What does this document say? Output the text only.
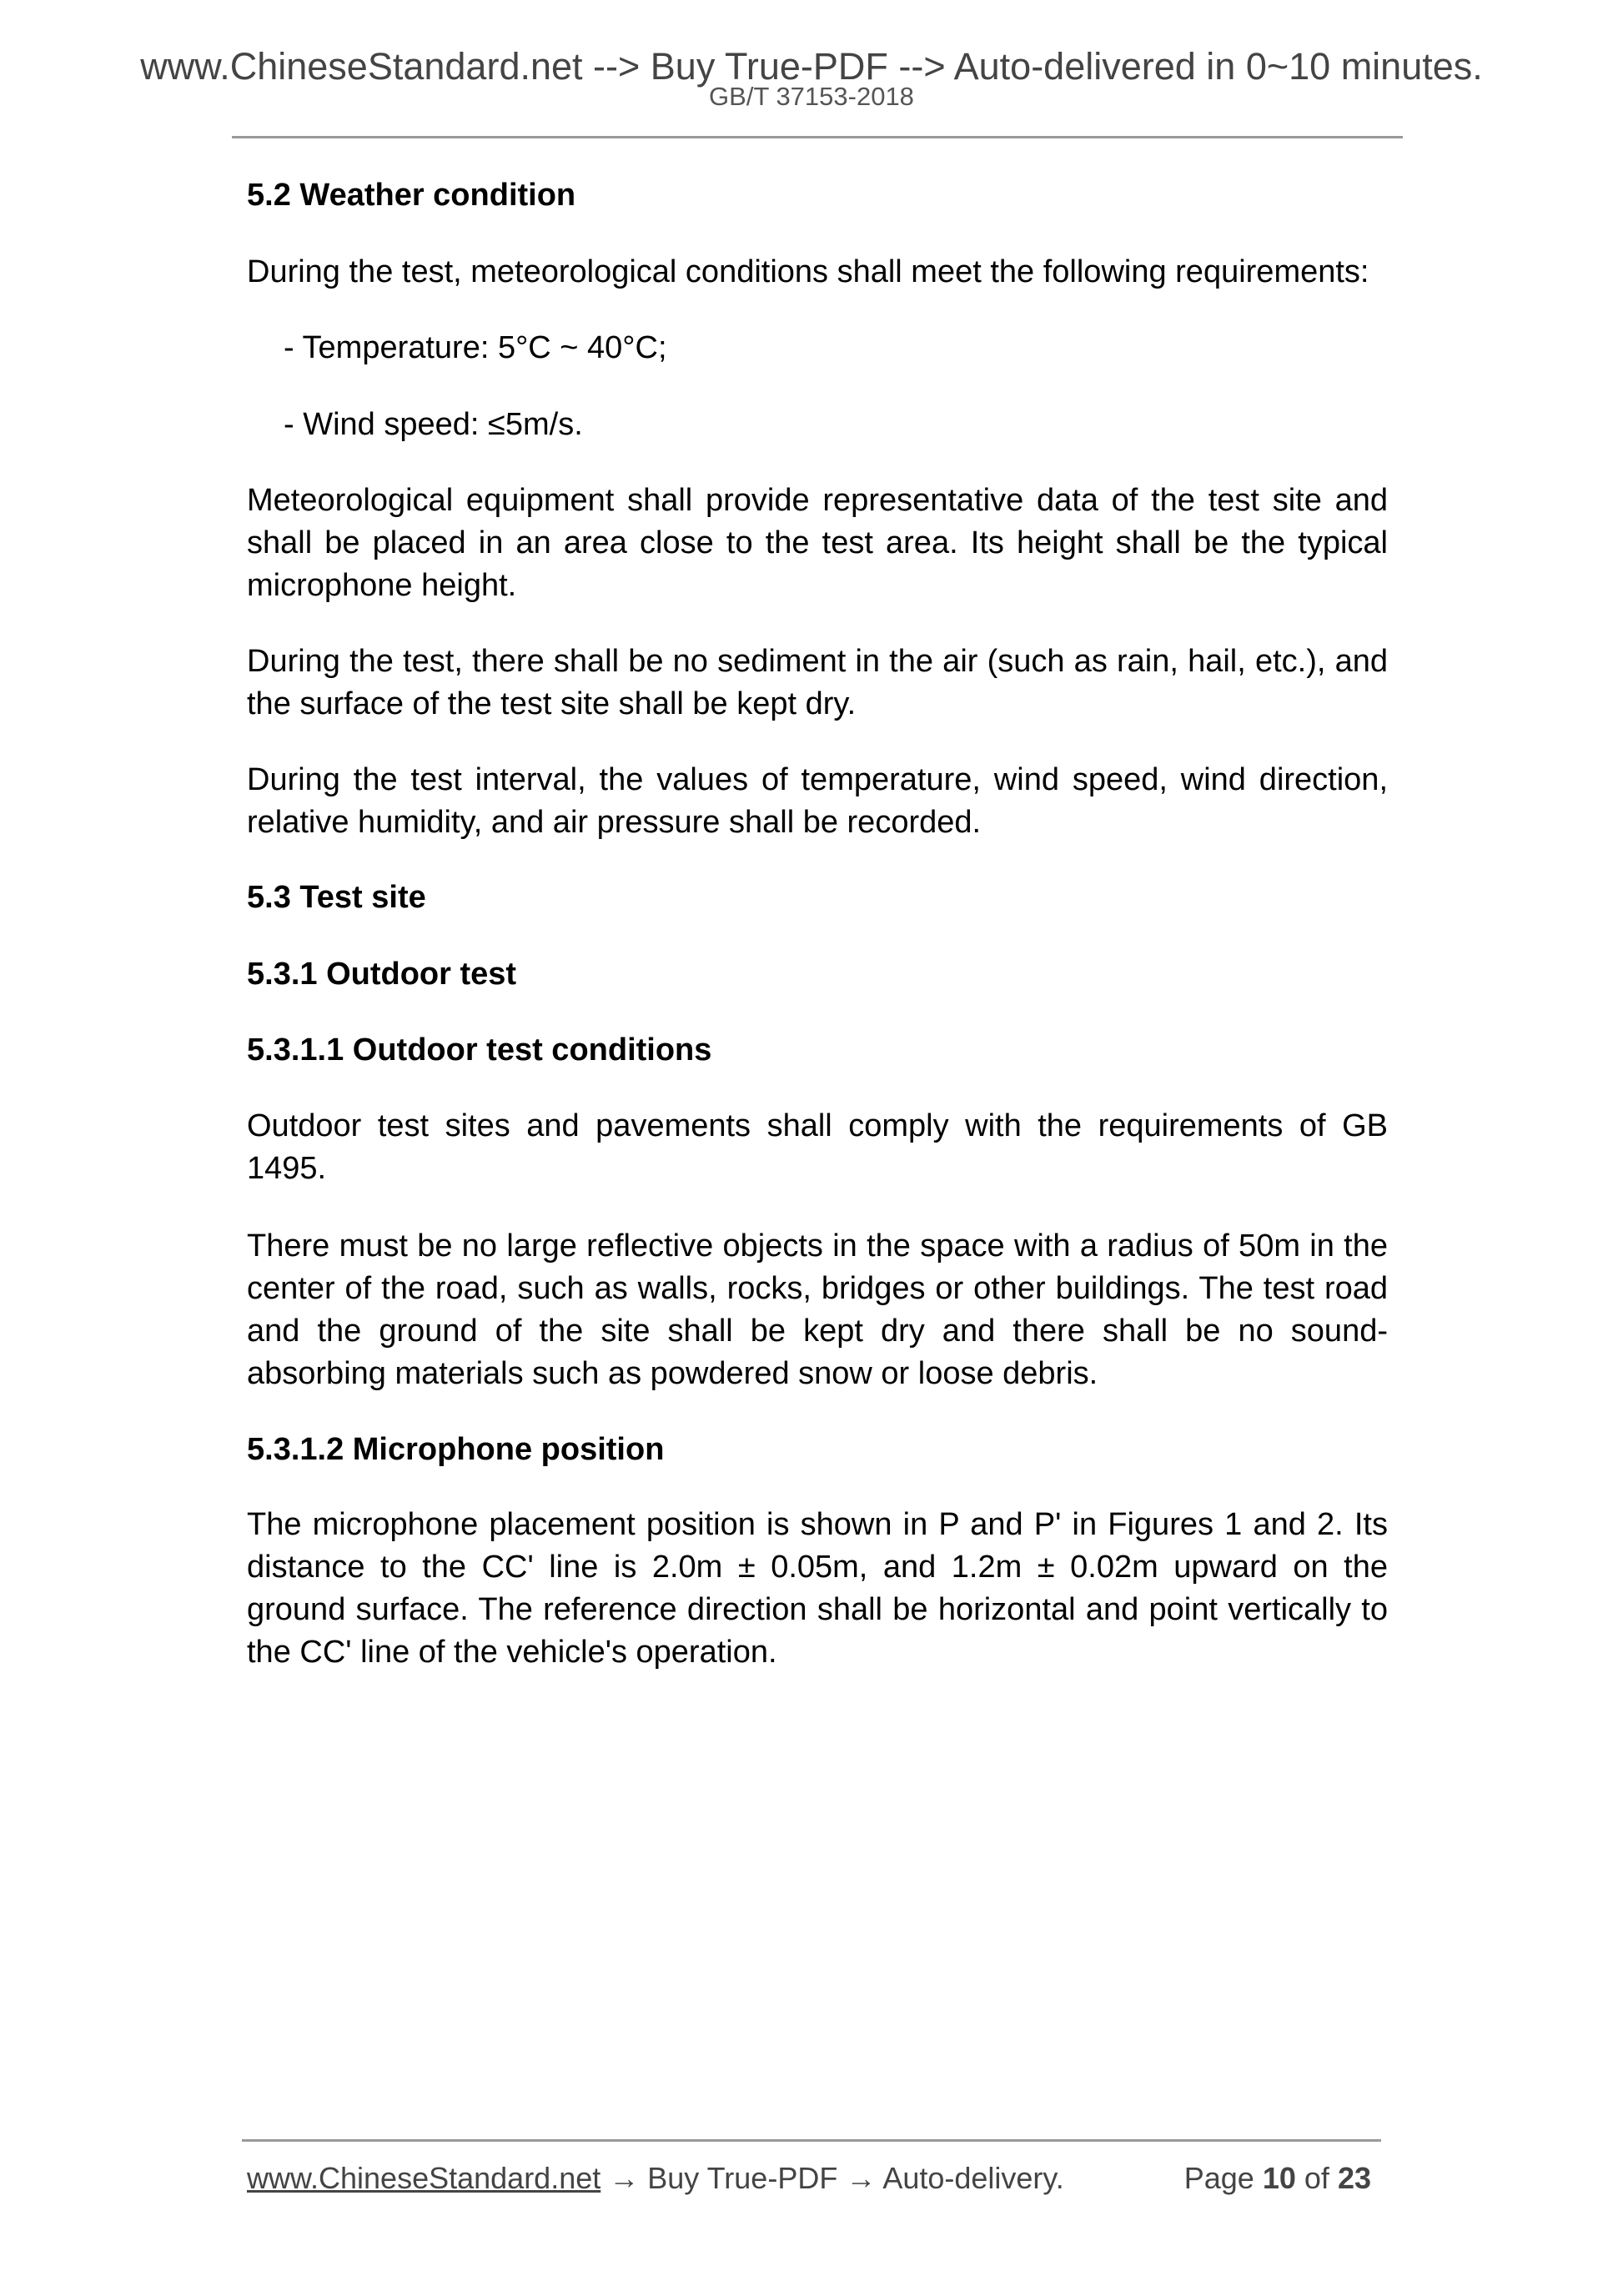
www.ChineseStandard.net --> Buy True-PDF --> Auto-delivered in 0~10 minutes.
GB/T 37153-2018
5.2 Weather condition
During the test, meteorological conditions shall meet the following requirements:
- Temperature: 5°C ~ 40°C;
- Wind speed: ≤5m/s.
Meteorological equipment shall provide representative data of the test site and shall be placed in an area close to the test area. Its height shall be the typical microphone height.
During the test, there shall be no sediment in the air (such as rain, hail, etc.), and the surface of the test site shall be kept dry.
During the test interval, the values of temperature, wind speed, wind direction, relative humidity, and air pressure shall be recorded.
5.3 Test site
5.3.1 Outdoor test
5.3.1.1 Outdoor test conditions
Outdoor test sites and pavements shall comply with the requirements of GB 1495.
There must be no large reflective objects in the space with a radius of 50m in the center of the road, such as walls, rocks, bridges or other buildings. The test road and the ground of the site shall be kept dry and there shall be no sound-absorbing materials such as powdered snow or loose debris.
5.3.1.2 Microphone position
The microphone placement position is shown in P and P' in Figures 1 and 2. Its distance to the CC' line is 2.0m ± 0.05m, and 1.2m ± 0.02m upward on the ground surface. The reference direction shall be horizontal and point vertically to the CC' line of the vehicle's operation.
www.ChineseStandard.net → Buy True-PDF → Auto-delivery.	Page 10 of 23
